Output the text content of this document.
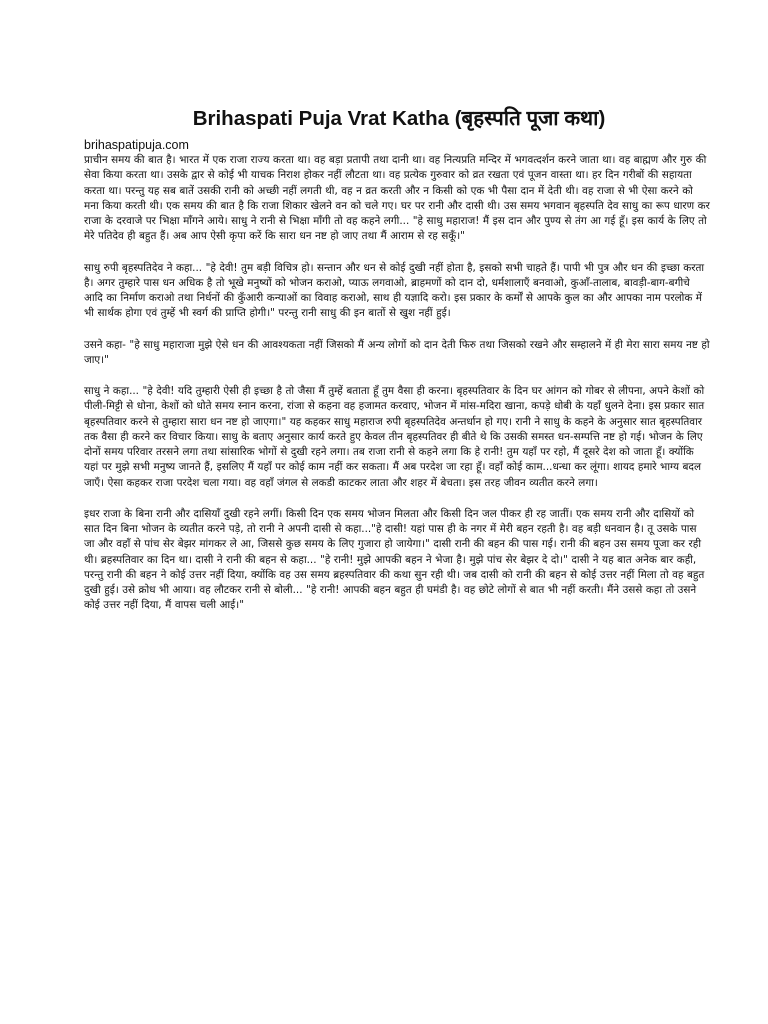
Brihaspati Puja Vrat Katha (बृहस्पति पूजा कथा)

brihaspatipuja.com

प्राचीन समय की बात है। भारत में एक राजा राज्य करता था। वह बड़ा प्रतापी तथा दानी था। वह नित्यप्रति मन्दिर में भगवत्दर्शन करने जाता था। वह बाह्मण और गुरु की सेवा किया करता था। उसके द्वार से कोई भी याचक निराश होकर नहीं लौटता था। वह प्रत्येक गुरुवार को व्रत रखता एवं पूजन वास्ता था। हर दिन गरीबों की सहायता करता था। परन्तु यह सब बातें उसकी रानी को अच्छी नहीं लगती थी, वह न व्रत करती और न किसी को एक भी पैसा दान में देती थी। वह राजा से भी ऐसा करने को मना किया करती थी। एक समय की बात है कि राजा शिकार खेलने वन को चले गए। घर पर रानी और दासी थी। उस समय भगवान बृहस्पति देव साधु का रूप धारण कर राजा के दरवाजे पर भिक्षा माँगने आये। साधु ने रानी से भिक्षा माँगी तो वह कहने लगी... "हे साधु महाराज! मैं इस दान और पुण्य से तंग आ गई हूँ। इस कार्य के लिए तो मेरे पतिदेव ही बहुत हैं। अब आप ऐसी कृपा करें कि सारा धन नष्ट हो जाए तथा मैं आराम से रह सकूँ।"

साधु रुपी बृहस्पतिदेव ने कहा... "हे देवी! तुम बड़ी विचित्र हो। सन्तान और धन से कोई दुखी नहीं होता है, इसको सभी चाहते हैं। पापी भी पुत्र और धन की इच्छा करता है। अगर तुम्हारे पास धन अधिक है तो भूखे मनुष्यों को भोजन कराओ, प्याऊ लगवाओ, ब्राहमणों को दान दो, धर्मशालाएँ बनवाओ, कुआँ-तालाब, बावड़ी-बाग-बगीचे आदि का निर्माण कराओ तथा निर्धनों की कुँआरी कन्याओं का विवाह कराओ, साथ ही यज्ञादि करो। इस प्रकार के कर्मों से आपके कुल का और आपका नाम परलोक में भी सार्थक होगा एवं तुम्हें भी स्वर्ग की प्राप्ति होगी।" परन्तु रानी साधु की इन बातों से खुश नहीं हुई।

उसने कहा- "हे साधु महाराजा मुझे ऐसे धन की आवश्यकता नहीं जिसको मैं अन्य लोगों को दान देती फिरु तथा जिसको रखने और सम्हालने में ही मेरा सारा समय नष्ट हो जाए।"

साधु ने कहा... "हे देवी! यदि तुम्हारी ऐसी ही इच्छा है तो जैसा मैं तुम्हें बताता हूँ तुम वैसा ही करना। बृहस्पतिवार के दिन घर आंगन को गोबर से लीपना, अपने केशों को पीली-मिट्टी से धोना, केशों को धोते समय स्नान करना, रांजा से कहना वह हजामत करवाए, भोजन में मांस-मदिरा खाना, कपड़े धोबी के यहाँ धुलने देना। इस प्रकार सात बृहस्पतिवार करने से तुम्हारा सारा धन नष्ट हो जाएगा।" यह कहकर साधु महाराज रुपी बृहस्पतिदेव अन्तर्धान हो गए। रानी ने साधु के कहने के अनुसार सात बृहस्पतिवार तक वैसा ही करने कर विचार किया। साधु के बताए अनुसार कार्य करते हुए केवल तीन बृहस्पतिवर ही बीते थे कि उसकी समस्त धन-सम्पत्ति नष्ट हो गई। भोजन के लिए दोनों समय परिवार तरसने लगा तथा सांसारिक भोगों से दुखी रहने लगा। तब राजा रानी से कहने लगा कि हे रानी! तुम यहाँ पर रहो, मैं दूसरे देश को जाता हूँ। क्योंकि यहां पर मुझे सभी मनुष्य जानते हैं, इसलिए मैं यहाँ पर कोई काम नहीं कर सकता। मैं अब परदेश जा रहा हूँ। वहाँ कोई काम...धन्धा कर लूंगा। शायद हमारे भाग्य बदल जाएँ। ऐसा कहकर राजा परदेश चला गया। वह वहाँ जंगल से लकडी काटकर लाता और शहर में बेचता। इस तरह जीवन व्यतीत करने लगा।

इधर राजा के बिना रानी और दासियाँ दुखी रहने लगीं। किसी दिन एक समय भोजन मिलता और किसी दिन जल पीकर ही रह जातीं। एक समय रानी और दासियों को सात दिन बिना भोजन के व्यतीत करने पड़े, तो रानी ने अपनी दासी से कहा..."हे दासी! यहां पास ही के नगर में मेरी बहन रहती है। वह बड़ी धनवान है। तू उसके पास जा और वहाँ से पांच सेर बेझर मांगकर ले आ, जिससे कुछ समय के लिए गुजारा हो जायेगा।" दासी रानी की बहन की पास गई। रानी की बहन उस समय पूजा कर रही थी। ब्रहस्पतिवार का दिन था। दासी ने रानी की बहन से कहा... "हे रानी! मुझे आपकी बहन ने भेजा है। मुझे पांच सेर बेझर दे दो।" दासी ने यह बात अनेक बार कही, परन्तु रानी की बहन ने कोई उत्तर नहीं दिया, क्योंकि वह उस समय ब्रहस्पतिवार की कथा सुन रही थी। जब दासी को रानी की बहन से कोई उत्तर नहीं मिला तो वह बहुत दुखी हुई। उसे क्रोध भी आया। वह लौटकर रानी से बोली... "हे रानी! आपकी बहन बहुत ही घमंडी है। वह छोटे लोगों से बात भी नहीं करती। मैंने उससे कहा तो उसने कोई उत्तर नहीं दिया, मैं वापस चली आई।"
